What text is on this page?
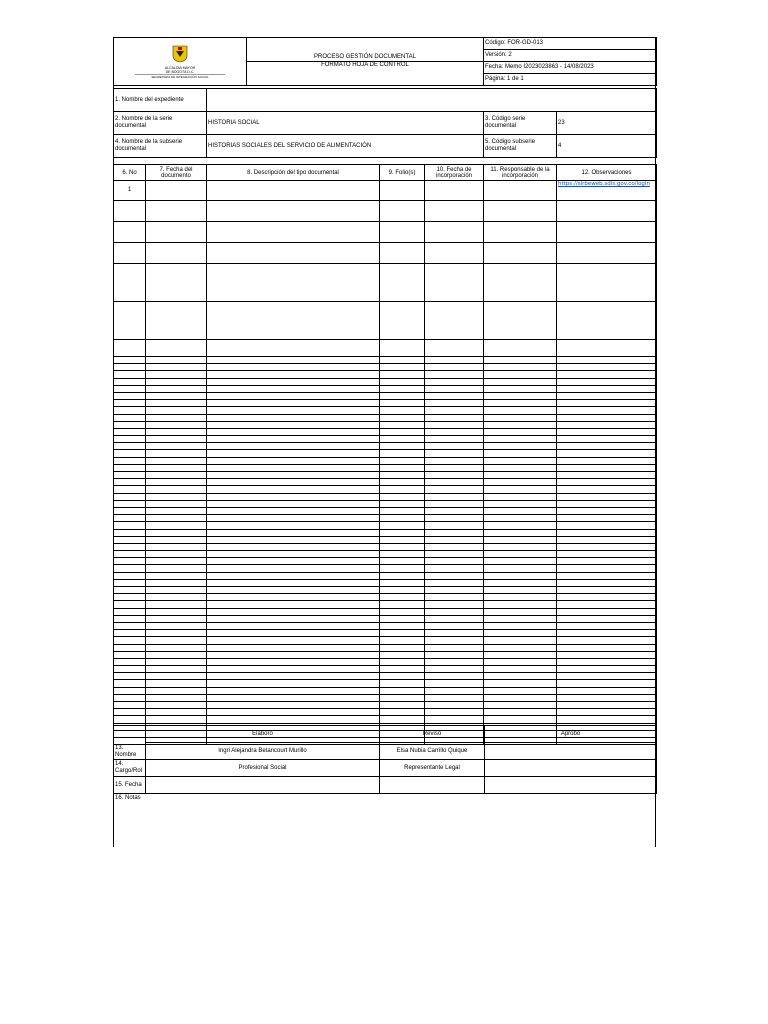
ALCALDÍA MAYOR
DE BOGOTÁ D.C.
SECRETARÍA DE INTEGRACIÓN SOCIAL	PROCESO GESTIÓN DOCUMENTAL	Código: FOR-GD-013
		Versión: 2
	FORMATO HOJA DE CONTROL	Fecha: Memo I2023023863 - 14/08/2023
		Página: 1 de 1
1. Nombre del expediente			
2. Nombre de la serie documental	HISTORIA SOCIAL	3. Código serie documental	23
4. Nombre de la subserie documental	HISTORIAS SOCIALES DEL SERVICIO DE ALIMENTACIÓN	5. Código subserie documental	4
6. No	7. Fecha del documento	8. Descripción del tipo documental	9. Folio(s)	10. Fecha de incorporación	11. Responsable de la incorporación	12. Observaciones
1						https://sirbeweb.sdis.gov.co/login

13. Nombre	Elaboró	Revisó	Aprobó
	Ingri Alejandra Betancourt Murillo	Elsa Nubia Carrillo Quique	
14. Cargo/Rol	Profesional Social	Representante Legal	
15. Fecha			
16. Notas
